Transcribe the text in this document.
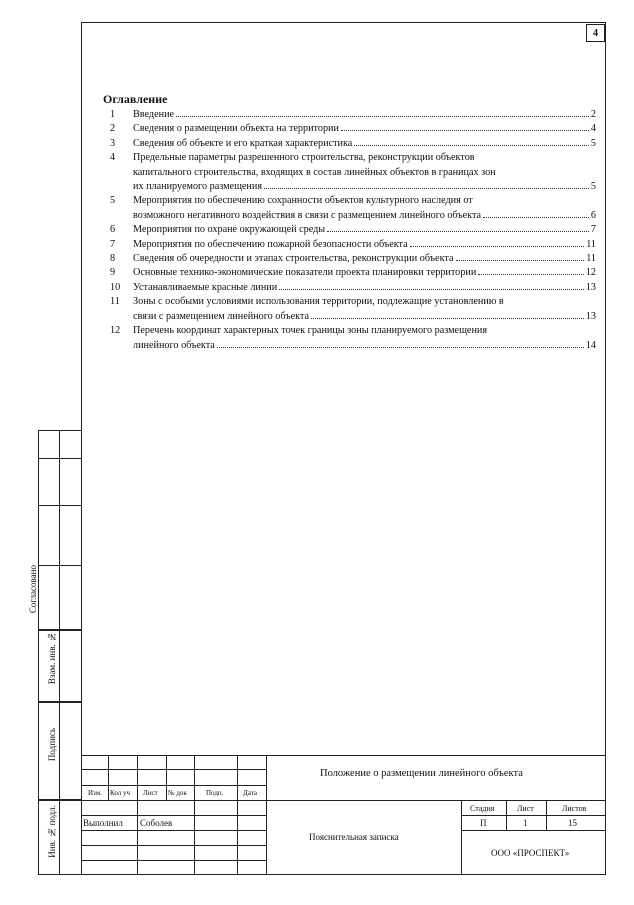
4
Оглавление
1	Введение	2
2	Сведения о размещении объекта на территории	4
3	Сведения об объекте и его краткая характеристика	5
4	Предельные параметры разрешенного строительства, реконструкции объектов
капитального строительства, входящих в состав линейных объектов в границах зон
их планируемого размещения	5
5	Мероприятия по обеспечению сохранности объектов культурного наследия от
возможного негативного воздействия в связи с размещением линейного объекта	6
6	Мероприятия по охране окружающей среды	7
7	Мероприятия по обеспечению пожарной безопасности объекта	11
8	Сведения об очередности и этапах строительства, реконструкции объекта	11
9	Основные технико-экономические показатели проекта планировки территории	12
10	Устанавливаемые красные линии	13
11	Зоны с особыми условиями использования территории, подлежащие установлению в
связи с размещением линейного объекта	13
12	Перечень координат характерных точек границы зоны планируемого размещения
линейного объекта	14
Согласовано
Взам. инв. №
Подпись
Инв. № подл.
Изм. Кол уч Лист № док	Подп.	Дата
Выполнил Соболев
Положение о размещении линейного объекта
Пояснительная записка
Стадия	Лист	Листов
П	1	15
ООО «ПРОСПЕКТ»
